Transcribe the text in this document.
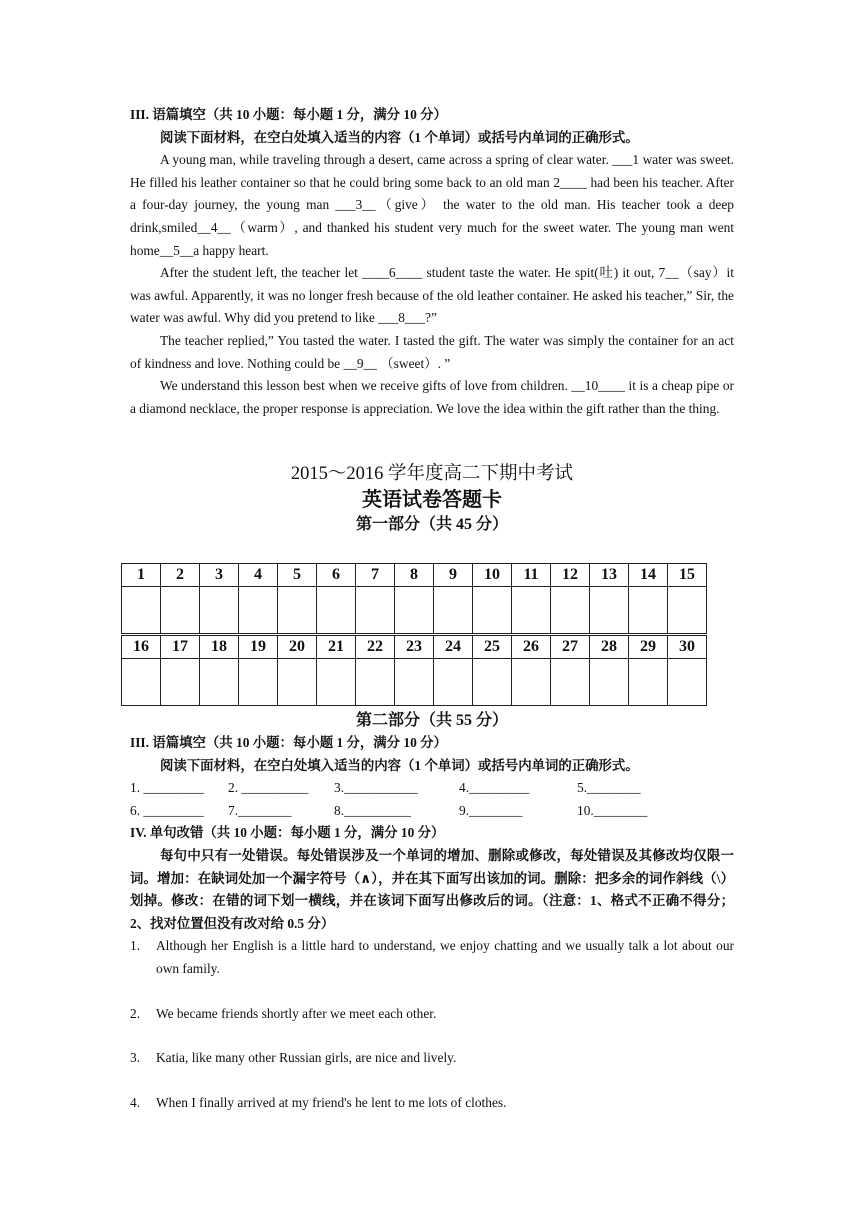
III. 语篇填空（共 10 小题：每小题 1 分，满分 10 分）
阅读下面材料，在空白处填入适当的内容（1 个单词）或括号内单词的正确形式。
A young man, while traveling through a desert, came across a spring of clear water. ___1 water was sweet. He filled his leather container so that he could bring some back to an old man 2____ had been his teacher. After a four-day journey, the young man ___3__（give） the water to the old man. His teacher took a deep drink,smiled__4__（warm）, and thanked his student very much for the sweet water. The young man went home__5__a happy heart.
After the student left, the teacher let ____6____ student taste the water. He spit(吐) it out, 7__（say）it was awful. Apparently, it was no longer fresh because of the old leather container. He asked his teacher,” Sir, the water was awful. Why did you pretend to like ___8___?”
The teacher replied,” You tasted the water. I tasted the gift. The water was simply the container for an act of kindness and love. Nothing could be __9__ （sweet）. ”
We understand this lesson best when we receive gifts of love from children. __10____ it is a cheap pipe or a diamond necklace, the proper response is appreciation. We love the idea within the gift rather than the thing.
2015～2016 学年度高二下期中考试
英语试卷答题卡
第一部分（共 45 分）
1	2	3	4	5	6	7	8	9	10	11	12	13	14	15

16	17	18	19	20	21	22	23	24	25	26	27	28	29	30

第二部分（共 55 分）
III. 语篇填空（共 10 小题：每小题 1 分，满分 10 分）
阅读下面材料，在空白处填入适当的内容（1 个单词）或括号内单词的正确形式。
1. _________	2. __________	3.___________	4._________	5.________
6. _________	7.________	8.__________	9.________	10.________
IV. 单句改错（共 10 小题：每小题 1 分，满分 10 分）
每句中只有一处错误。每处错误涉及一个单词的增加、删除或修改，每处错误及其修改均仅限一词。增加：在缺词处加一个漏字符号（∧），并在其下面写出该加的词。删除：把多余的词作斜线（\）划掉。修改：在错的词下划一横线，并在该词下面写出修改后的词。（注意：1、格式不正确不得分；2、找对位置但没有改对给 0.5 分）
1.	Although her English is a little hard to understand, we enjoy chatting and we usually talk a lot about our own family.
2.	We became friends shortly after we meet each other.
3.	Katia, like many other Russian girls, are nice and lively.
4.	When I finally arrived at my friend's he lent to me lots of clothes.
